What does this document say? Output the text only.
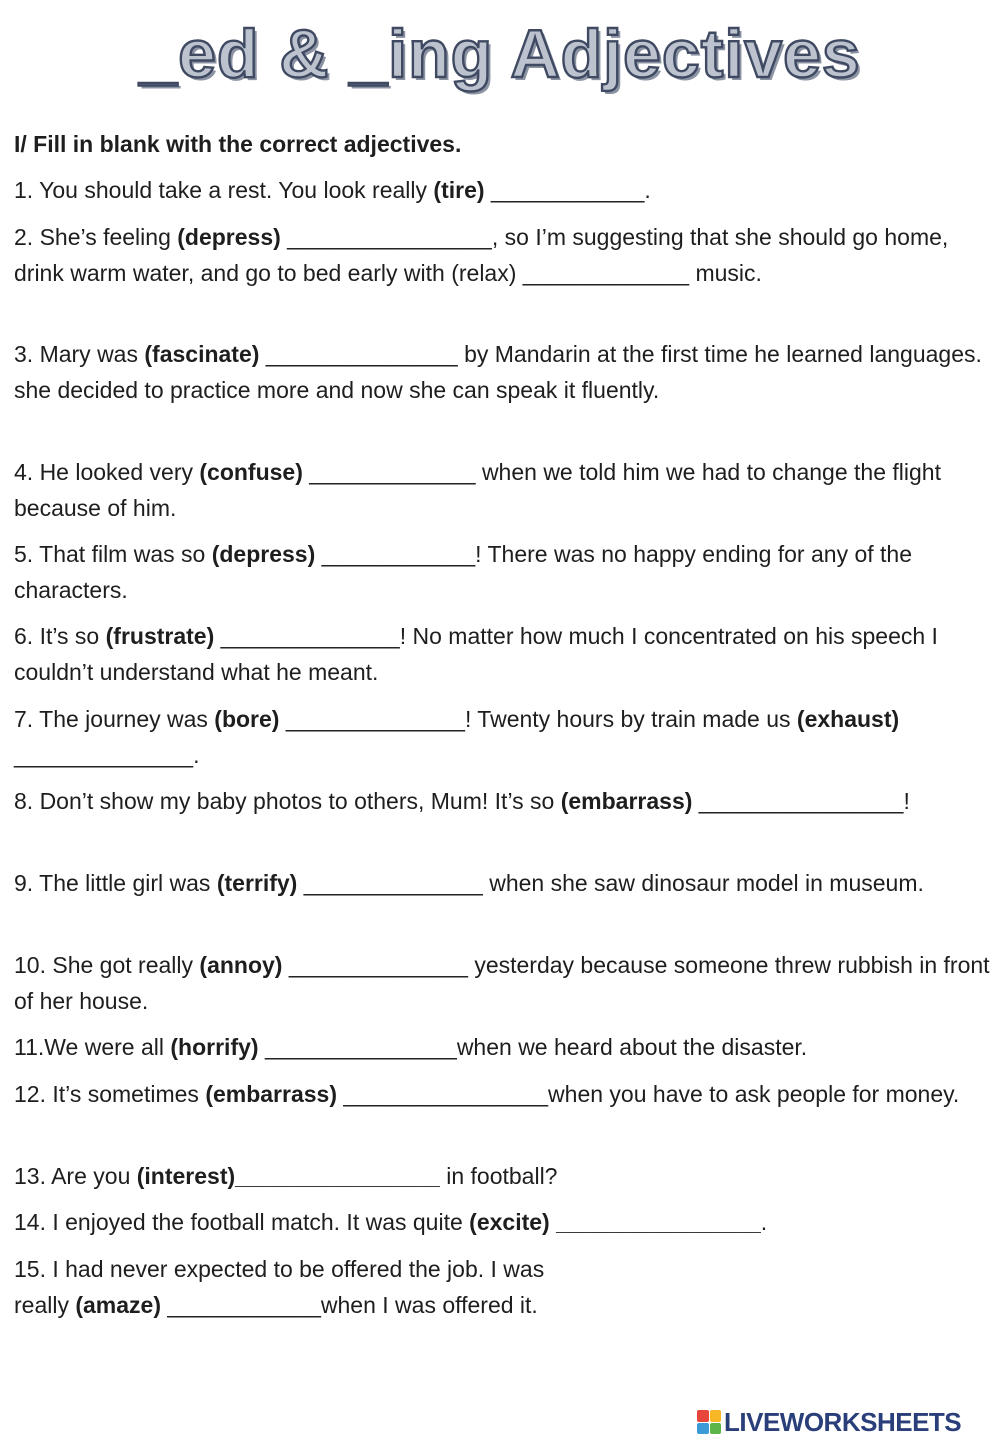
_ed & _ing Adjectives
I/ Fill in blank with the correct adjectives.
1. You should take a rest. You look really (tire) ____________.
2. She’s feeling (depress) ________________, so I’m suggesting that she should go home, drink warm water, and go to bed early with (relax) _____________ music.
3. Mary was (fascinate) _______________ by Mandarin at the first time he learned languages. she decided to practice more and now she can speak it fluently.
4. He looked very (confuse) _____________ when we told him we had to change the flight because of him.
5. That film was so (depress) ____________! There was no happy ending for any of the characters.
6. It’s so (frustrate) ______________! No matter how much I concentrated on his speech I couldn’t understand what he meant.
7. The journey was (bore) ______________! Twenty hours by train made us (exhaust) ______________.
8. Don’t show my baby photos to others, Mum! It’s so (embarrass) ________________!
9. The little girl was (terrify) ______________ when she saw dinosaur model in museum.
10. She got really (annoy) ______________ yesterday because someone threw rubbish in front of her house.
11.We were all (horrify) _______________when we heard about the disaster.
12. It’s sometimes (embarrass) ________________when you have to ask people for money.
13. Are you (interest)________________ in football?
14. I enjoyed the football match. It was quite (excite) ________________.
15. I had never expected to be offered the job. I was
really (amaze) ____________when I was offered it.
LIVEWORKSHEETS
